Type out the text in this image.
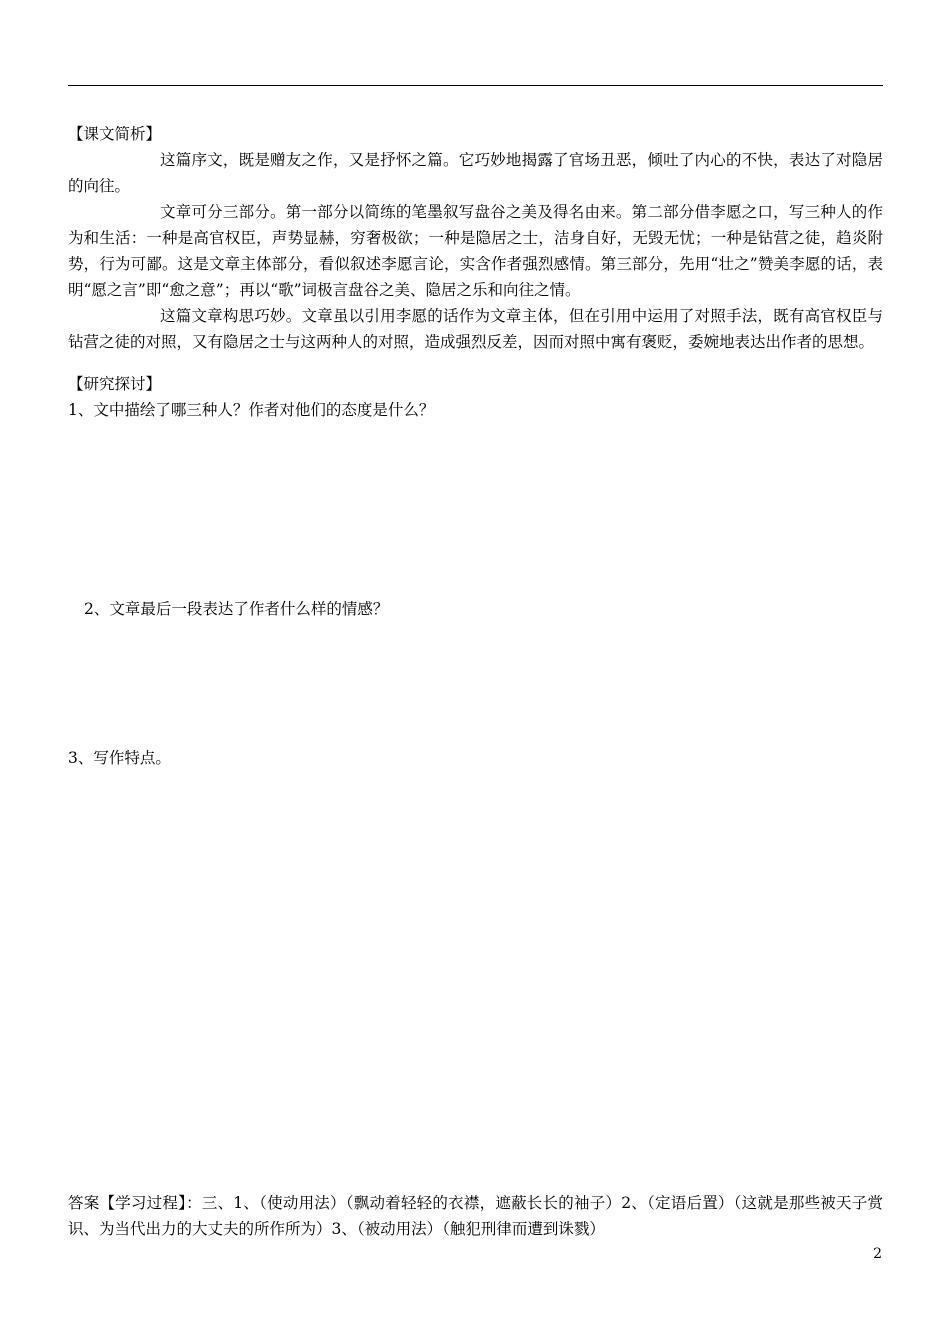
【课文简析】

这篇序文，既是赠友之作，又是抒怀之篇。它巧妙地揭露了官场丑恶，倾吐了内心的不快，表达了对隐居的向往。

文章可分三部分。第一部分以简练的笔墨叙写盘谷之美及得名由来。第二部分借李愿之口，写三种人的作为和生活：一种是高官权臣，声势显赫，穷奢极欲；一种是隐居之士，洁身自好，无毁无忧；一种是钻营之徒，趋炎附势，行为可鄙。这是文章主体部分，看似叙述李愿言论，实含作者强烈感情。第三部分，先用“壮之”赞美李愿的话，表明“愿之言”即“愈之意”；再以“歌”词极言盘谷之美、隐居之乐和向往之情。

这篇文章构思巧妙。文章虽以引用李愿的话作为文章主体，但在引用中运用了对照手法，既有高官权臣与钻营之徒的对照，又有隐居之士与这两种人的对照，造成强烈反差，因而对照中寓有褒贬，委婉地表达出作者的思想。

【研究探讨】
1、文中描绘了哪三种人？作者对他们的态度是什么？
2、文章最后一段表达了作者什么样的情感？
3、写作特点。
答案【学习过程】：三、1、（使动用法）（飘动着轻轻的衣襟，遮蔽长长的袖子）2、（定语后置）（这就是那些被天子赏识、为当代出力的大丈夫的所作所为）3、（被动用法）（触犯刑律而遭到诛戮）
2
